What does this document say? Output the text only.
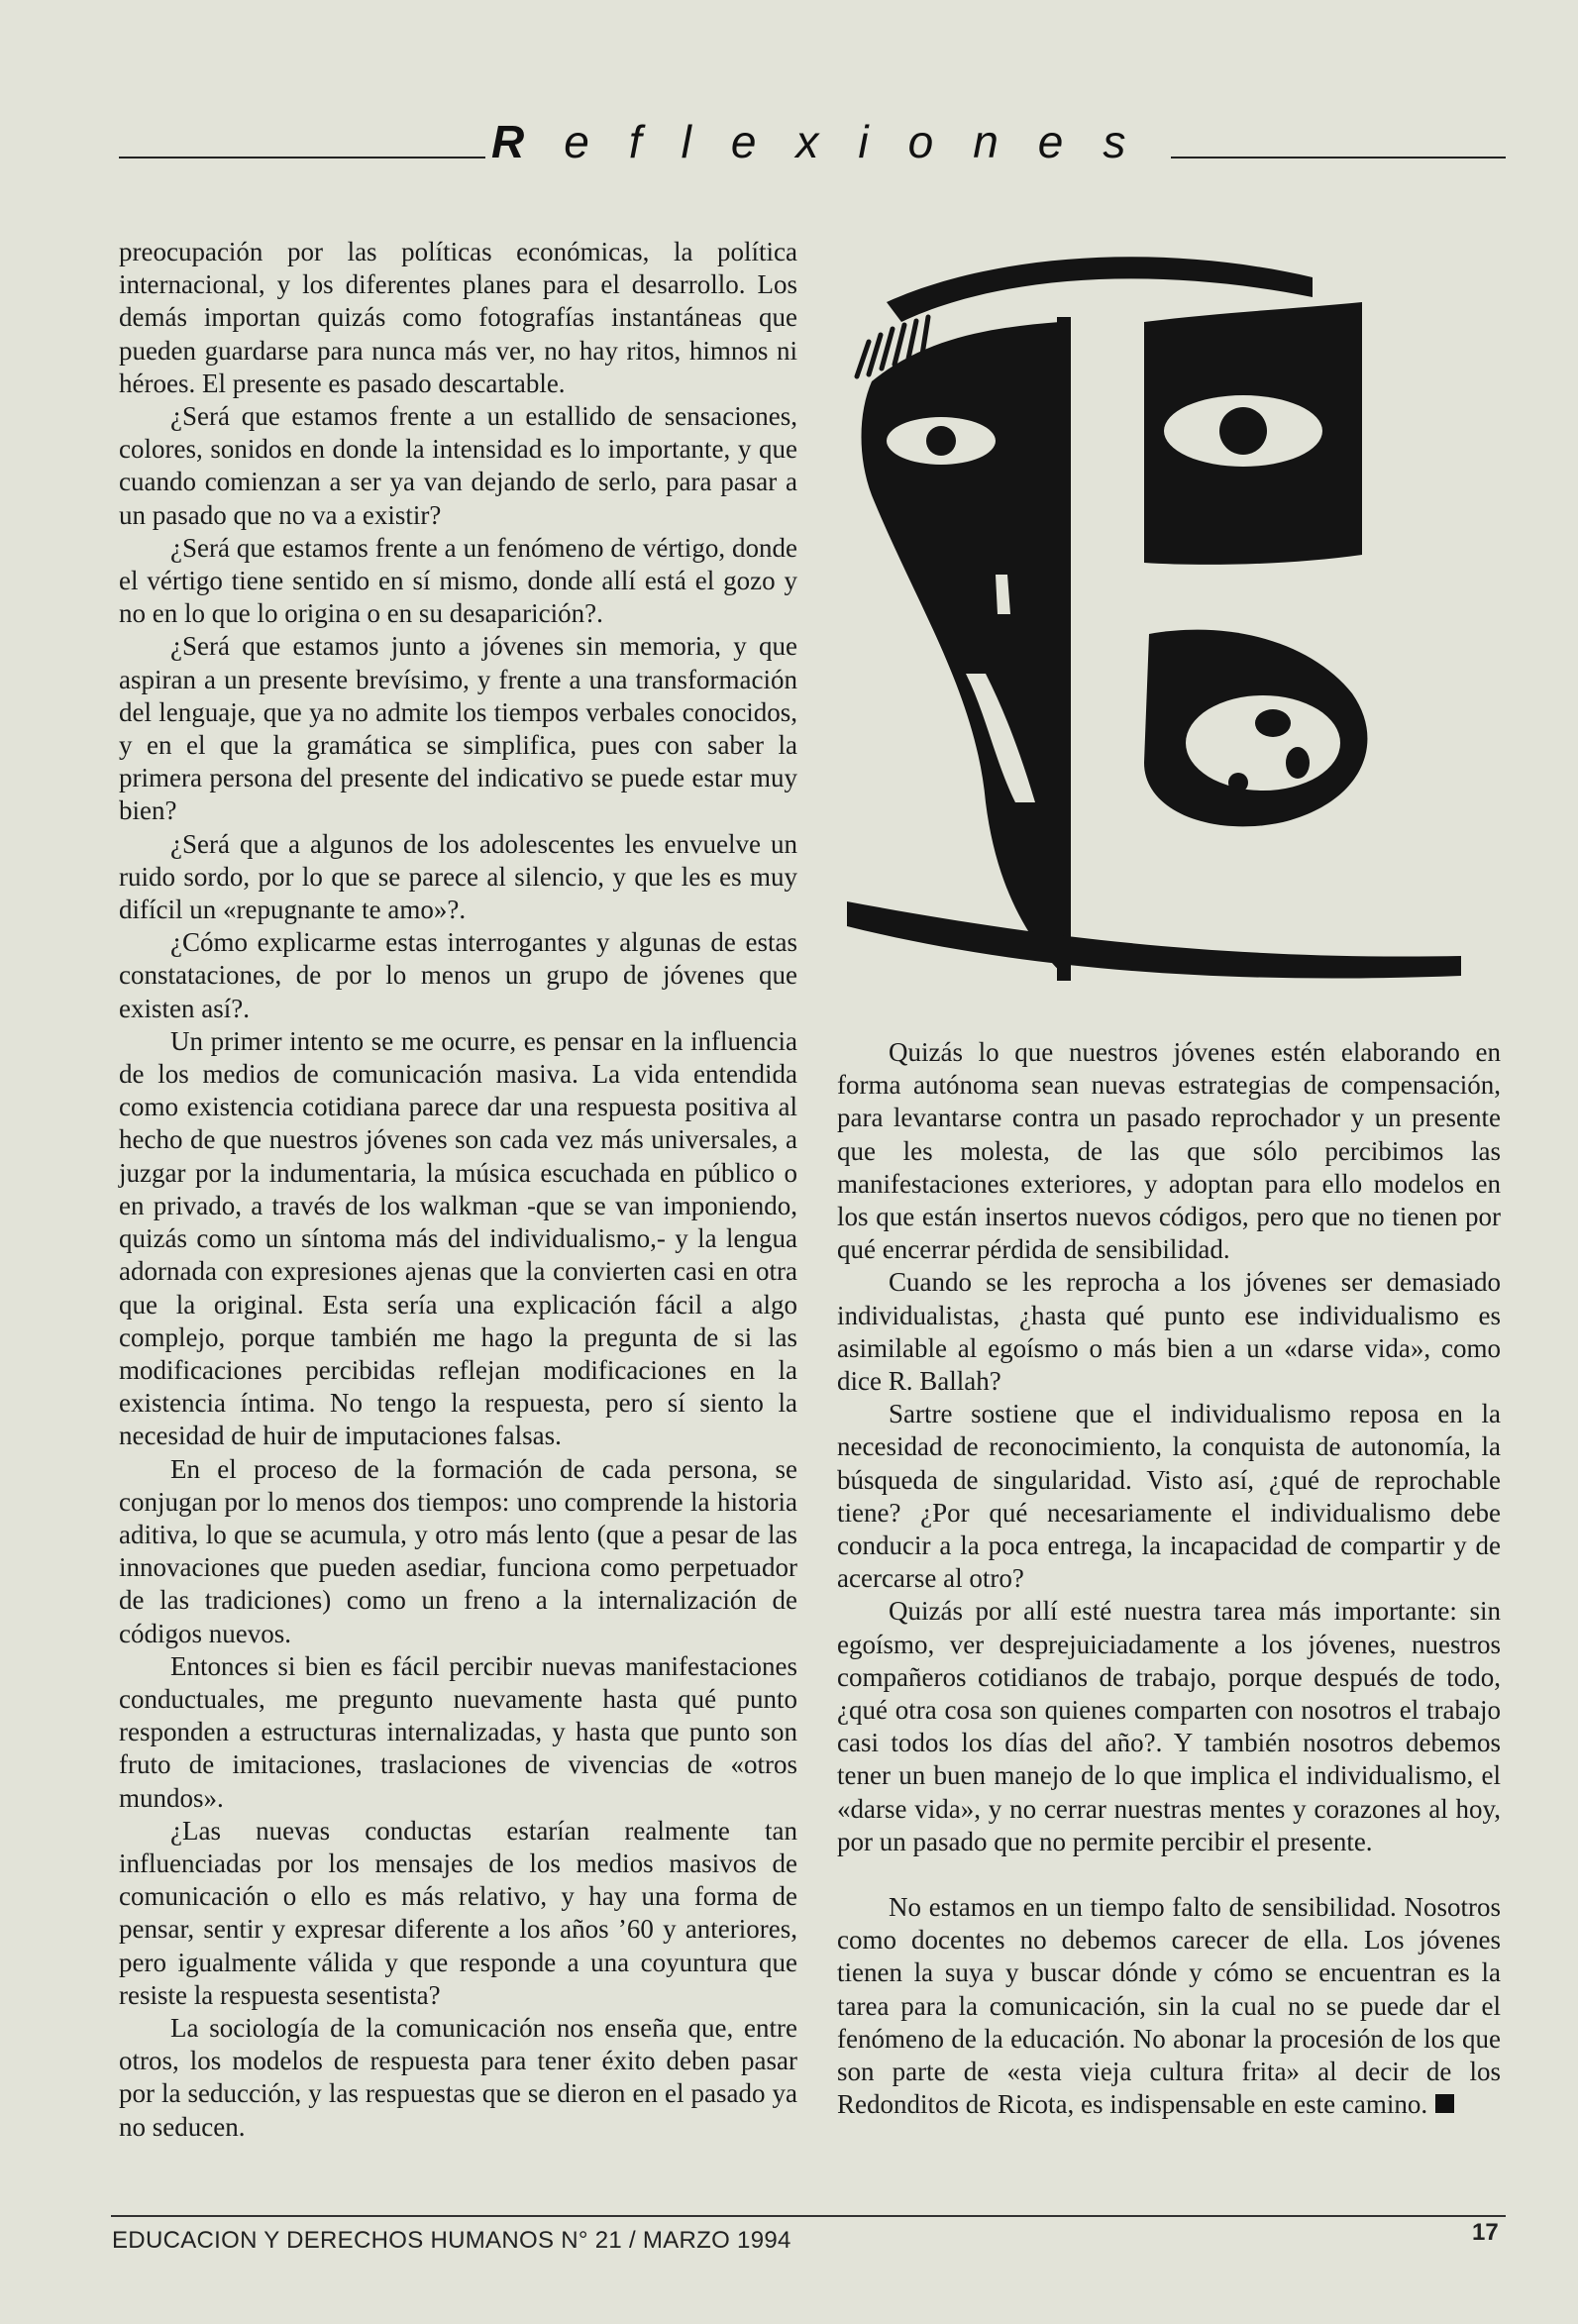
Reflexiones

preocupación por las políticas económicas, la política internacional, y los diferentes planes para el desarrollo. Los demás importan quizás como fotografías instantáneas que pueden guardarse para nunca más ver, no hay ritos, himnos ni héroes. El presente es pasado descartable.

¿Será que estamos frente a un estallido de sensaciones, colores, sonidos en donde la intensidad es lo importante, y que cuando comienzan a ser ya van dejando de serlo, para pasar a un pasado que no va a existir?

¿Será que estamos frente a un fenómeno de vértigo, donde el vértigo tiene sentido en sí mismo, donde allí está el gozo y no en lo que lo origina o en su desaparición?.

¿Será que estamos junto a jóvenes sin memoria, y que aspiran a un presente brevísimo, y frente a una transformación del lenguaje, que ya no admite los tiempos verbales conocidos, y en el que la gramática se simplifica, pues con saber la primera persona del presente del indicativo se puede estar muy bien?

¿Será que a algunos de los adolescentes les envuelve un ruido sordo, por lo que se parece al silencio, y que les es muy difícil un «repugnante te amo»?.

¿Cómo explicarme estas interrogantes y algunas de estas constataciones, de por lo menos un grupo de jóvenes que existen así?.

Un primer intento se me ocurre, es pensar en la influencia de los medios de comunicación masiva. La vida entendida como existencia cotidiana parece dar una respuesta positiva al hecho de que nuestros jóvenes son cada vez más universales, a juzgar por la indumentaria, la música escuchada en público o en privado, a través de los walkman -que se van imponiendo, quizás como un síntoma más del individualismo,- y la lengua adornada con expresiones ajenas que la convierten casi en otra que la original. Esta sería una explicación fácil a algo complejo, porque también me hago la pregunta de si las modificaciones percibidas reflejan modificaciones en la existencia íntima. No tengo la respuesta, pero sí siento la necesidad de huir de imputaciones falsas.

En el proceso de la formación de cada persona, se conjugan por lo menos dos tiempos: uno comprende la historia aditiva, lo que se acumula, y otro más lento (que a pesar de las innovaciones que pueden asediar, funciona como perpetuador de las tradiciones) como un freno a la internalización de códigos nuevos.

Entonces si bien es fácil percibir nuevas manifestaciones conductuales, me pregunto nuevamente hasta qué punto responden a estructuras internalizadas, y hasta que punto son fruto de imitaciones, traslaciones de vivencias de «otros mundos».

¿Las nuevas conductas estarían realmente tan influenciadas por los mensajes de los medios masivos de comunicación o ello es más relativo, y hay una forma de pensar, sentir y expresar diferente a los años ’60 y anteriores, pero igualmente válida y que responde a una coyuntura que resiste la respuesta sesentista?

La sociología de la comunicación nos enseña que, entre otros, los modelos de respuesta para tener éxito deben pasar por la seducción, y las respuestas que se dieron en el pasado ya no seducen.

Quizás lo que nuestros jóvenes estén elaborando en forma autónoma sean nuevas estrategias de compensación, para levantarse contra un pasado reprochador y un presente que les molesta, de las que sólo percibimos las manifestaciones exteriores, y adoptan para ello modelos en los que están insertos nuevos códigos, pero que no tienen por qué encerrar pérdida de sensibilidad.

Cuando se les reprocha a los jóvenes ser demasiado individualistas, ¿hasta qué punto ese individualismo es asimilable al egoísmo o más bien a un «darse vida», como dice R. Ballah?

Sartre sostiene que el individualismo reposa en la necesidad de reconocimiento, la conquista de autonomía, la búsqueda de singularidad. Visto así, ¿qué de reprochable tiene? ¿Por qué necesariamente el individualismo debe conducir a la poca entrega, la incapacidad de compartir y de acercarse al otro?

Quizás por allí esté nuestra tarea más importante: sin egoísmo, ver desprejuiciadamente a los jóvenes, nuestros compañeros cotidianos de trabajo, porque después de todo, ¿qué otra cosa son quienes comparten con nosotros el trabajo casi todos los días del año?. Y también nosotros debemos tener un buen manejo de lo que implica el individualismo, el «darse vida», y no cerrar nuestras mentes y corazones al hoy, por un pasado que no permite percibir el presente.

No estamos en un tiempo falto de sensibilidad. Nosotros como docentes no debemos carecer de ella. Los jóvenes tienen la suya y buscar dónde y cómo se encuentran es la tarea para la comunicación, sin la cual no se puede dar el fenómeno de la educación. No abonar la procesión de los que son parte de «esta vieja cultura frita» al decir de los Redonditos de Ricota, es indispensable en este camino.

EDUCACION Y DERECHOS HUMANOS N° 21 / MARZO 1994	17
